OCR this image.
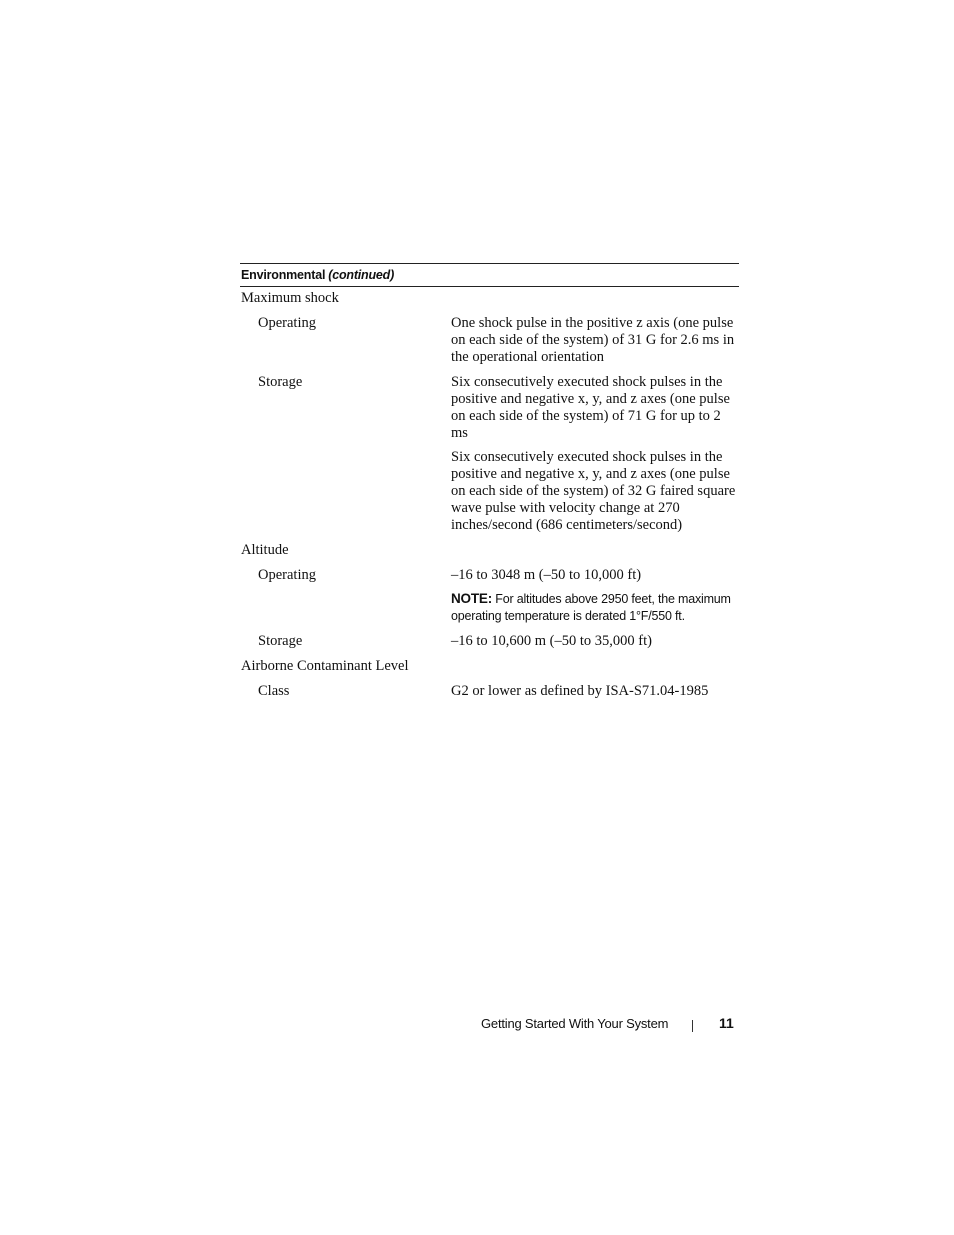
Environmental (continued)
Maximum shock
Operating	One shock pulse in the positive z axis (one pulse on each side of the system) of 31 G for 2.6 ms in the operational orientation
Storage	Six consecutively executed shock pulses in the positive and negative x, y, and z axes (one pulse on each side of the system) of 71 G for up to 2 ms
Six consecutively executed shock pulses in the positive and negative x, y, and z axes (one pulse on each side of the system) of 32 G faired square wave pulse with velocity change at 270 inches/second (686 centimeters/second)
Altitude
Operating	–16 to 3048 m (–50 to 10,000 ft)
NOTE: For altitudes above 2950 feet, the maximum operating temperature is derated 1°F/550 ft.
Storage	–16 to 10,600 m (–50 to 35,000 ft)
Airborne Contaminant Level
Class	G2 or lower as defined by ISA-S71.04-1985
Getting Started With Your System	11
